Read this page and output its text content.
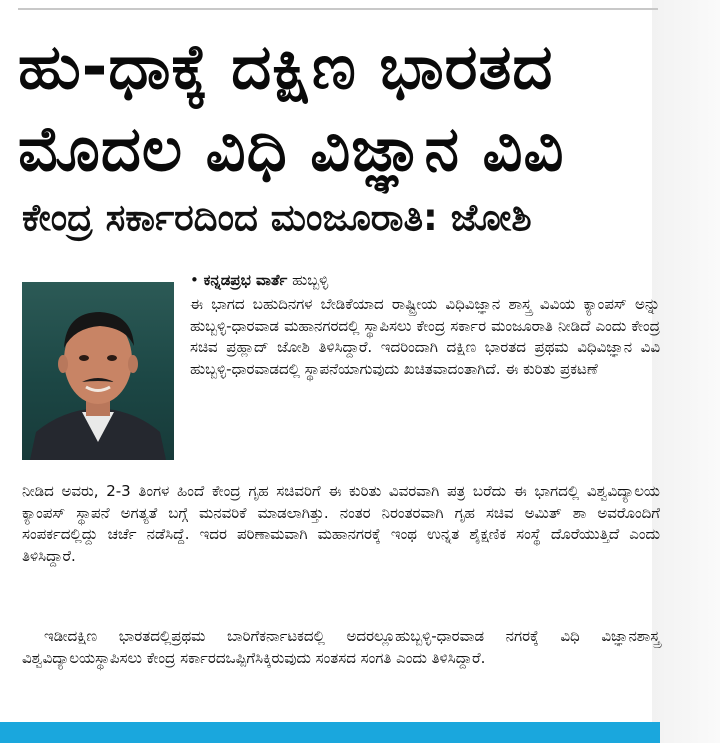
ಹು-ಧಾಕ್ಕೆ ದಕ್ಷಿಣ ಭಾರತದ
ಮೊದಲ ವಿಧಿ ವಿಜ್ಞಾನ ವಿವಿ
ಕೇಂದ್ರ ಸರ್ಕಾರದಿಂದ ಮಂಜೂರಾತಿ: ಜೋಶಿ
• ಕನ್ನಡಪ್ರಭ ವಾರ್ತೆ ಹುಬ್ಬಳ್ಳಿ
ಈ ಭಾಗದ ಬಹುದಿನಗಳ ಬೇಡಿಕೆಯಾದ ರಾಷ್ಟ್ರೀಯ ವಿಧಿವಿಜ್ಞಾನ ಶಾಸ್ತ್ರ ವಿವಿಯ ಕ್ಯಾಂಪಸ್ ಅನ್ನು ಹುಬ್ಬಳ್ಳಿ-ಧಾರವಾಡ ಮಹಾನಗರದಲ್ಲಿ ಸ್ಥಾಪಿಸಲು ಕೇಂದ್ರ ಸರ್ಕಾರ ಮಂಜೂರಾತಿ ನೀಡಿದೆ ಎಂದು ಕೇಂದ್ರ ಸಚಿವ ಪ್ರಹ್ಲಾದ್ ಜೋಶಿ ತಿಳಿಸಿದ್ದಾರೆ. ಇದರಿಂದಾಗಿ ದಕ್ಷಿಣ ಭಾರತದ ಪ್ರಥಮ ವಿಧಿವಿಜ್ಞಾನ ವಿವಿ ಹುಬ್ಬಳ್ಳಿ-ಧಾರವಾಡದಲ್ಲಿ ಸ್ಥಾಪನೆಯಾಗುವುದು ಖಚಿತವಾದಂತಾಗಿದೆ. ಈ ಕುರಿತು ಪ್ರಕಟಣೆ
ನೀಡಿದ ಅವರು, 2-3 ತಿಂಗಳ ಹಿಂದೆ ಕೇಂದ್ರ ಗೃಹ ಸಚಿವರಿಗೆ ಈ ಕುರಿತು ವಿವರವಾಗಿ ಪತ್ರ ಬರೆದು ಈ ಭಾಗದಲ್ಲಿ ವಿಶ್ವವಿದ್ಯಾಲಯ ಕ್ಯಾಂಪಸ್ ಸ್ಥಾಪನೆ ಅಗತ್ಯತೆ ಬಗ್ಗೆ ಮನವರಿಕೆ ಮಾಡಲಾಗಿತ್ತು. ನಂತರ ನಿರಂತರವಾಗಿ ಗೃಹ ಸಚಿವ ಅಮಿತ್ ಶಾ ಅವರೊಂದಿಗೆ ಸಂಪರ್ಕದಲ್ಲಿದ್ದು ಚರ್ಚೆ ನಡೆಸಿದ್ದೆ. ಇದರ ಪರಿಣಾಮವಾಗಿ ಮಹಾನಗರಕ್ಕೆ ಇಂಥ ಉನ್ನತ ಶೈಕ್ಷಣಿಕ ಸಂಸ್ಥೆ ದೊರೆಯುತ್ತಿದೆ ಎಂದು ತಿಳಿಸಿದ್ದಾರೆ.
ಇಡೀದಕ್ಷಿಣ ಭಾರತದಲ್ಲಿಪ್ರಥಮ ಬಾರಿಗೆಕರ್ನಾಟಕದಲ್ಲಿ ಅದರಲ್ಲೂಹುಬ್ಬಳ್ಳಿ-ಧಾರವಾಡ ನಗರಕ್ಕೆ ವಿಧಿ ವಿಜ್ಞಾನಶಾಸ್ತ್ರ ವಿಶ್ವವಿದ್ಯಾಲಯಸ್ಥಾಪಿಸಲು ಕೇಂದ್ರ ಸರ್ಕಾರದಒಪ್ಪಿಗೆಸಿಕ್ಕಿರುವುದು ಸಂತಸದ ಸಂಗತಿ ಎಂದು ತಿಳಿಸಿದ್ದಾರೆ.
